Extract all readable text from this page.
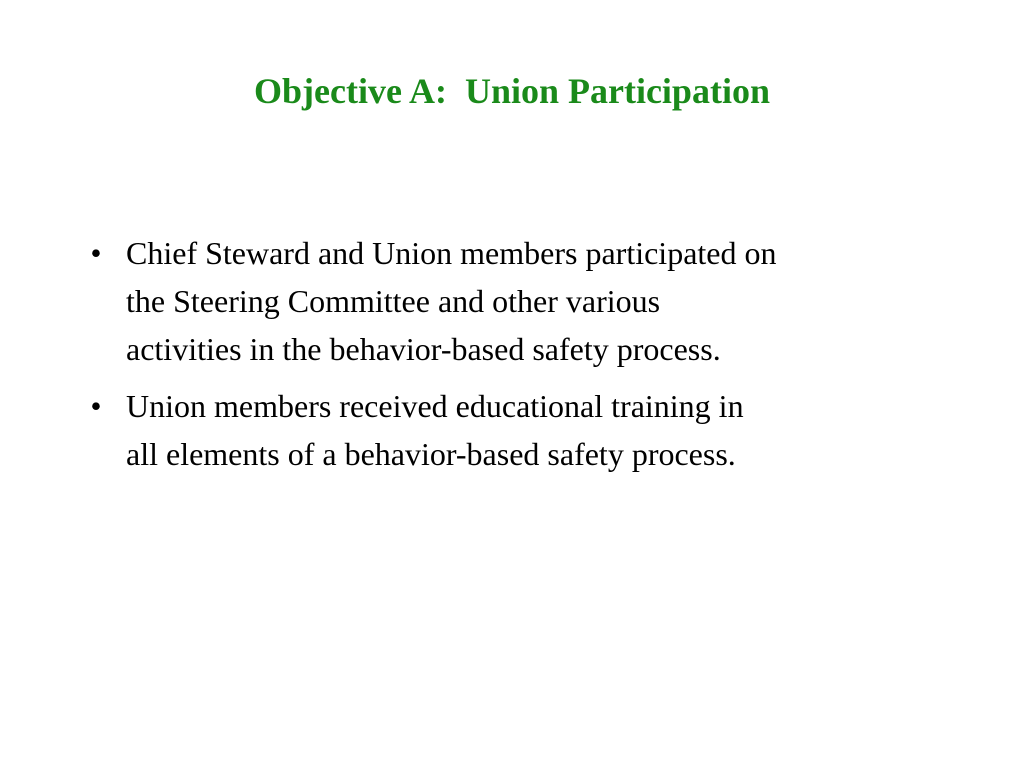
Objective A:  Union Participation
• Chief Steward and Union members participated on
the Steering Committee and other various
activities in the behavior-based safety process.
• Union members received educational training in
all elements of a behavior-based safety process.
